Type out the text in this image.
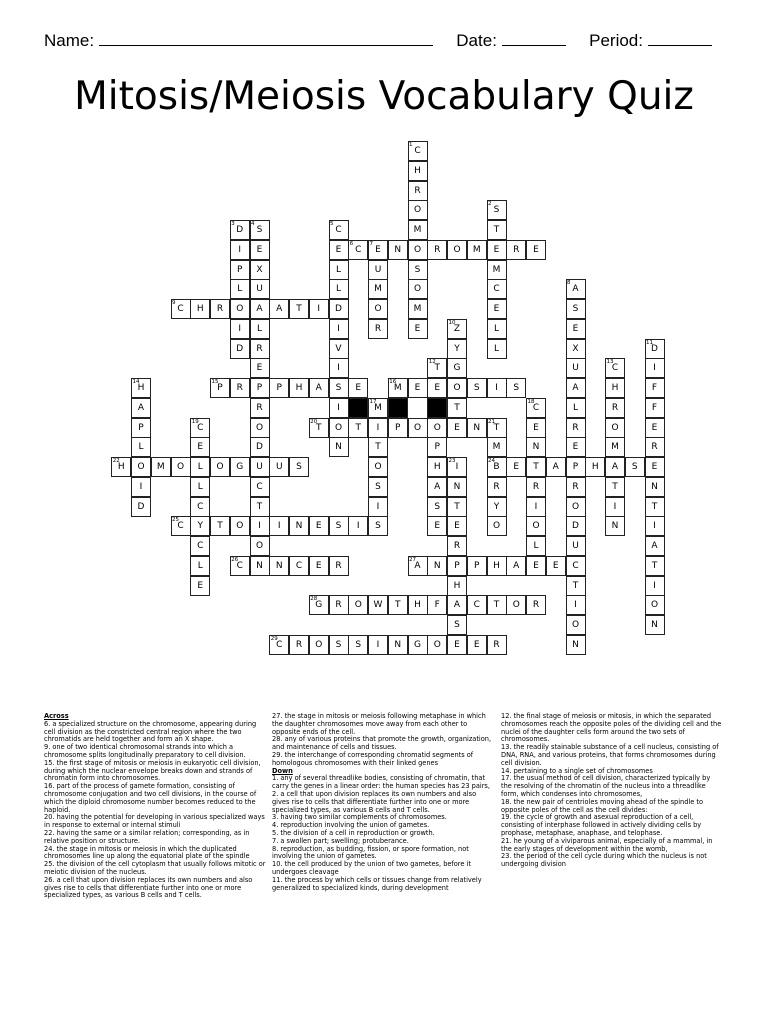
Name:	Date:	Period:
Mitosis/Meiosis Vocabulary Quiz
C
H
R
O
M
O
S
O
M
E
S
T
E
M
C
E
L
L
D
I
P
L
O
I
D
S
E
X
U
A
L
R
E
P
R
O
D
U
C
T
I
O
N
C
E
L
L
D
I
V
I
S
I
O
N
C	E	N	R	O	M	R	E
U
M
O
R
A
S
E
X
U
A
L
R
E
P
R
O
D
U
C
T
I
O
N
C	H	R	A	T	I
Z
Y
G
O
T
E
D
I
F
F
E
R
E
N
T
I
A
T
I
O
N
T
E
O
P
H
A
S
E
C
H
R
O
M
A
T
I
N
H
A
P
L
O
I
D
P	R	P	H	A	E	M	E	S	I	S
M
I
T
O
S
I
S
C
E
N
T
R
I
O
L
E
C
E
L
L
C
Y
C
L
E
T	T	P	O	N	T
M
B
R
Y
O
H	M	O	O	G	U	S	I
N
T
E
R
P
H
A
S
E
E	A	H	S
C	T	O	I	N	E	S	I
C	N	C	E	R	A	N	P	H	A	E
G	R	O	W	T	H	F	C	T	O	R
C	R	O	S	S	I	N	G	O	E	R
1
2
3	4	5
6	7
8
9
10
11
12	13
14	15	16
17	18
19	20	21
22	23	24
25
26	27
28
29
Across
6. a specialized structure on the chromosome, appearing during cell division as the constricted central region where the two chromatids are held together and form an X shape.
9. one of two identical chromosomal strands into which a chromosome splits longitudinally preparatory to cell division.
15. the first stage of mitosis or meiosis in eukaryotic cell division, during which the nuclear envelope breaks down and strands of chromatin form into chromosomes.
16. part of the process of gamete formation, consisting of chromosome conjugation and two cell divisions, in the course of which the diploid chromosome number becomes reduced to the haploid.
20. having the potential for developing in various specialized ways in response to external or internal stimuli
22. having the same or a similar relation; corresponding, as in relative position or structure.
24. the stage in mitosis or meiosis in which the duplicated chromosomes line up along the equatorial plate of the spindle
25. the division of the cell cytoplasm that usually follows mitotic or meiotic division of the nucleus.
26. a cell that upon division replaces its own numbers and also gives rise to cells that differentiate further into one or more specialized types, as various B cells and T cells.
27. the stage in mitosis or meiosis following metaphase in which the daughter chromosomes move away from each other to opposite ends of the cell.
28. any of various proteins that promote the growth, organization, and maintenance of cells and tissues.
29. the interchange of corresponding chromatid segments of homologous chromosomes with their linked genes
Down
1. any of several threadlike bodies, consisting of chromatin, that carry the genes in a linear order: the human species has 23 pairs,
2. a cell that upon division replaces its own numbers and also gives rise to cells that differentiate further into one or more specialized types, as various B cells and T cells.
3. having two similar complements of chromosomes.
4. reproduction involving the union of gametes.
5. the division of a cell in reproduction or growth.
7. a swollen part; swelling; protuberance.
8. reproduction, as budding, fission, or spore formation, not involving the union of gametes.
10. the cell produced by the union of two gametes, before it undergoes cleavage
11. the process by which cells or tissues change from relatively generalized to specialized kinds, during development
12. the final stage of meiosis or mitosis, in which the separated chromosomes reach the opposite poles of the dividing cell and the nuclei of the daughter cells form around the two sets of chromosomes.
13. the readily stainable substance of a cell nucleus, consisting of DNA, RNA, and various proteins, that forms chromosomes during cell division.
14. pertaining to a single set of chromosomes
17. the usual method of cell division, characterized typically by the resolving of the chromatin of the nucleus into a threadlike form, which condenses into chromosomes,
18. the new pair of centrioles moving ahead of the spindle to opposite poles of the cell as the cell divides:
19. the cycle of growth and asexual reproduction of a cell, consisting of interphase followed in actively dividing cells by prophase, metaphase, anaphase, and telophase.
21. he young of a viviparous animal, especially of a mammal, in the early stages of development within the womb,
23. the period of the cell cycle during which the nucleus is not undergoing division
